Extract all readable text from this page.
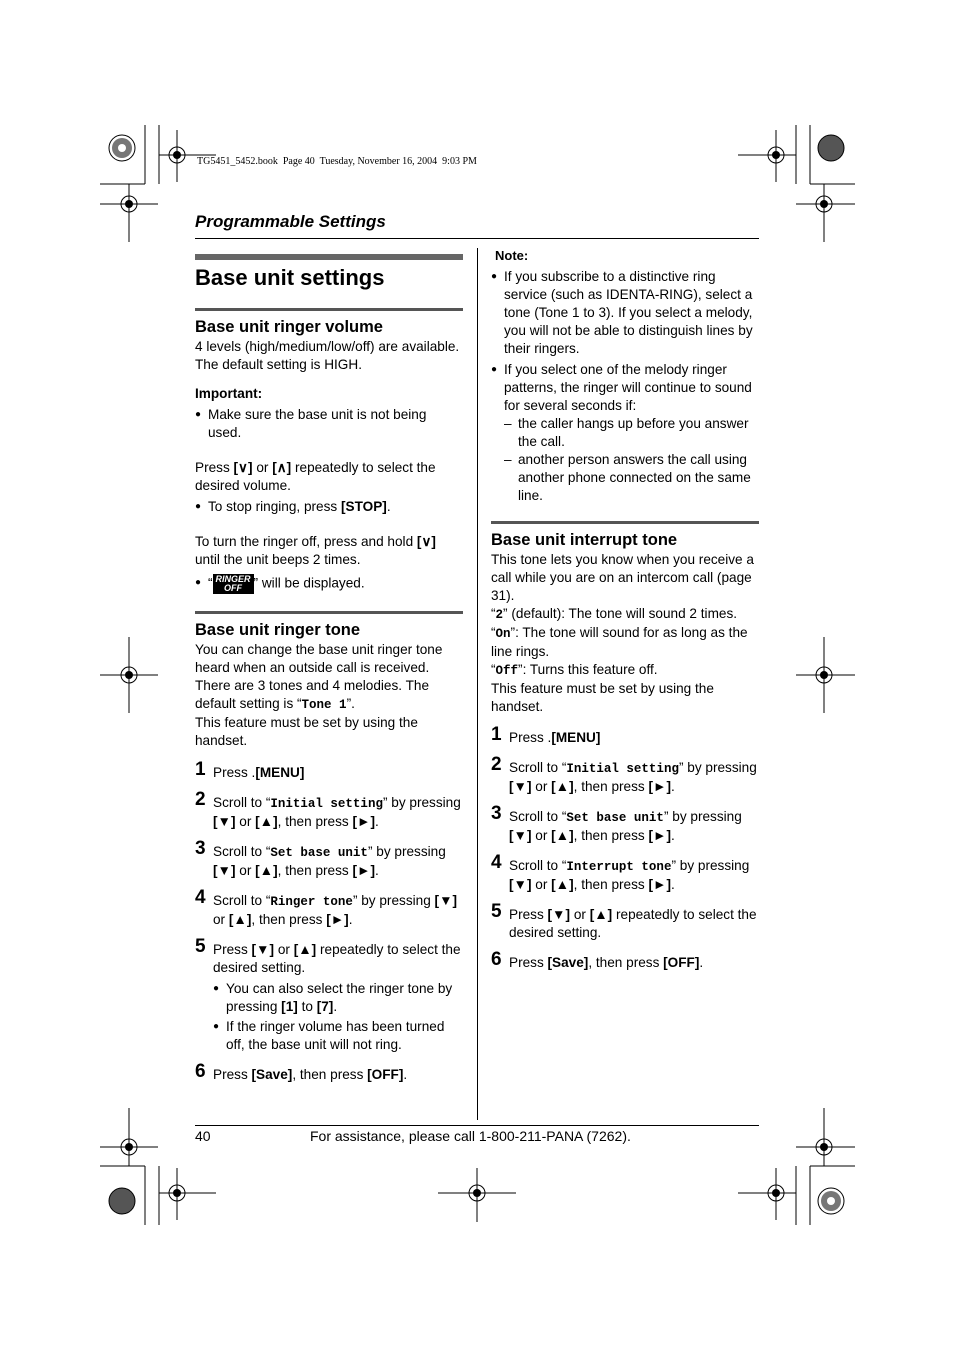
TG5451_5452.book  Page 40  Tuesday, November 16, 2004  9:03 PM
Programmable Settings
Base unit settings
Base unit ringer volume
4 levels (high/medium/low/off) are available. The default setting is HIGH.
Important:
● Make sure the base unit is not being used.
Press [∨] or [∧] repeatedly to select the desired volume.
● To stop ringing, press [STOP].
To turn the ringer off, press and hold [∨] until the unit beeps 2 times.
● “ RINGER
OFF ” will be displayed.
Base unit ringer tone
You can change the base unit ringer tone heard when an outside call is received. There are 3 tones and 4 melodies. The default setting is “Tone 1”.
This feature must be set by using the handset.
1 Press .[MENU]
2 Scroll to “Initial setting” by pressing [▼] or [▲], then press [►].
3 Scroll to “Set base unit” by pressing [▼] or [▲], then press [►].
4 Scroll to “Ringer tone” by pressing [▼] or [▲], then press [►].
5 Press [▼] or [▲] repeatedly to select the desired setting.
● You can also select the ringer tone by pressing [1] to [7].
● If the ringer volume has been turned off, the base unit will not ring.
6 Press [Save], then press [OFF].
Note:
● If you subscribe to a distinctive ring service (such as IDENTA-RING), select a tone (Tone 1 to 3). If you select a melody, you will not be able to distinguish lines by their ringers.
● If you select one of the melody ringer patterns, the ringer will continue to sound for several seconds if:
– the caller hangs up before you answer the call.
– another person answers the call using another phone connected on the same line.
Base unit interrupt tone
This tone lets you know when you receive a call while you are on an intercom call (page 31).
“2” (default): The tone will sound 2 times.
“On”: The tone will sound for as long as the line rings.
“Off”: Turns this feature off.
This feature must be set by using the handset.
1 Press .[MENU]
2 Scroll to “Initial setting” by pressing [▼] or [▲], then press [►].
3 Scroll to “Set base unit” by pressing [▼] or [▲], then press [►].
4 Scroll to “Interrupt tone” by pressing [▼] or [▲], then press [►].
5 Press [▼] or [▲] repeatedly to select the desired setting.
6 Press [Save], then press [OFF].
40	For assistance, please call 1-800-211-PANA (7262).
